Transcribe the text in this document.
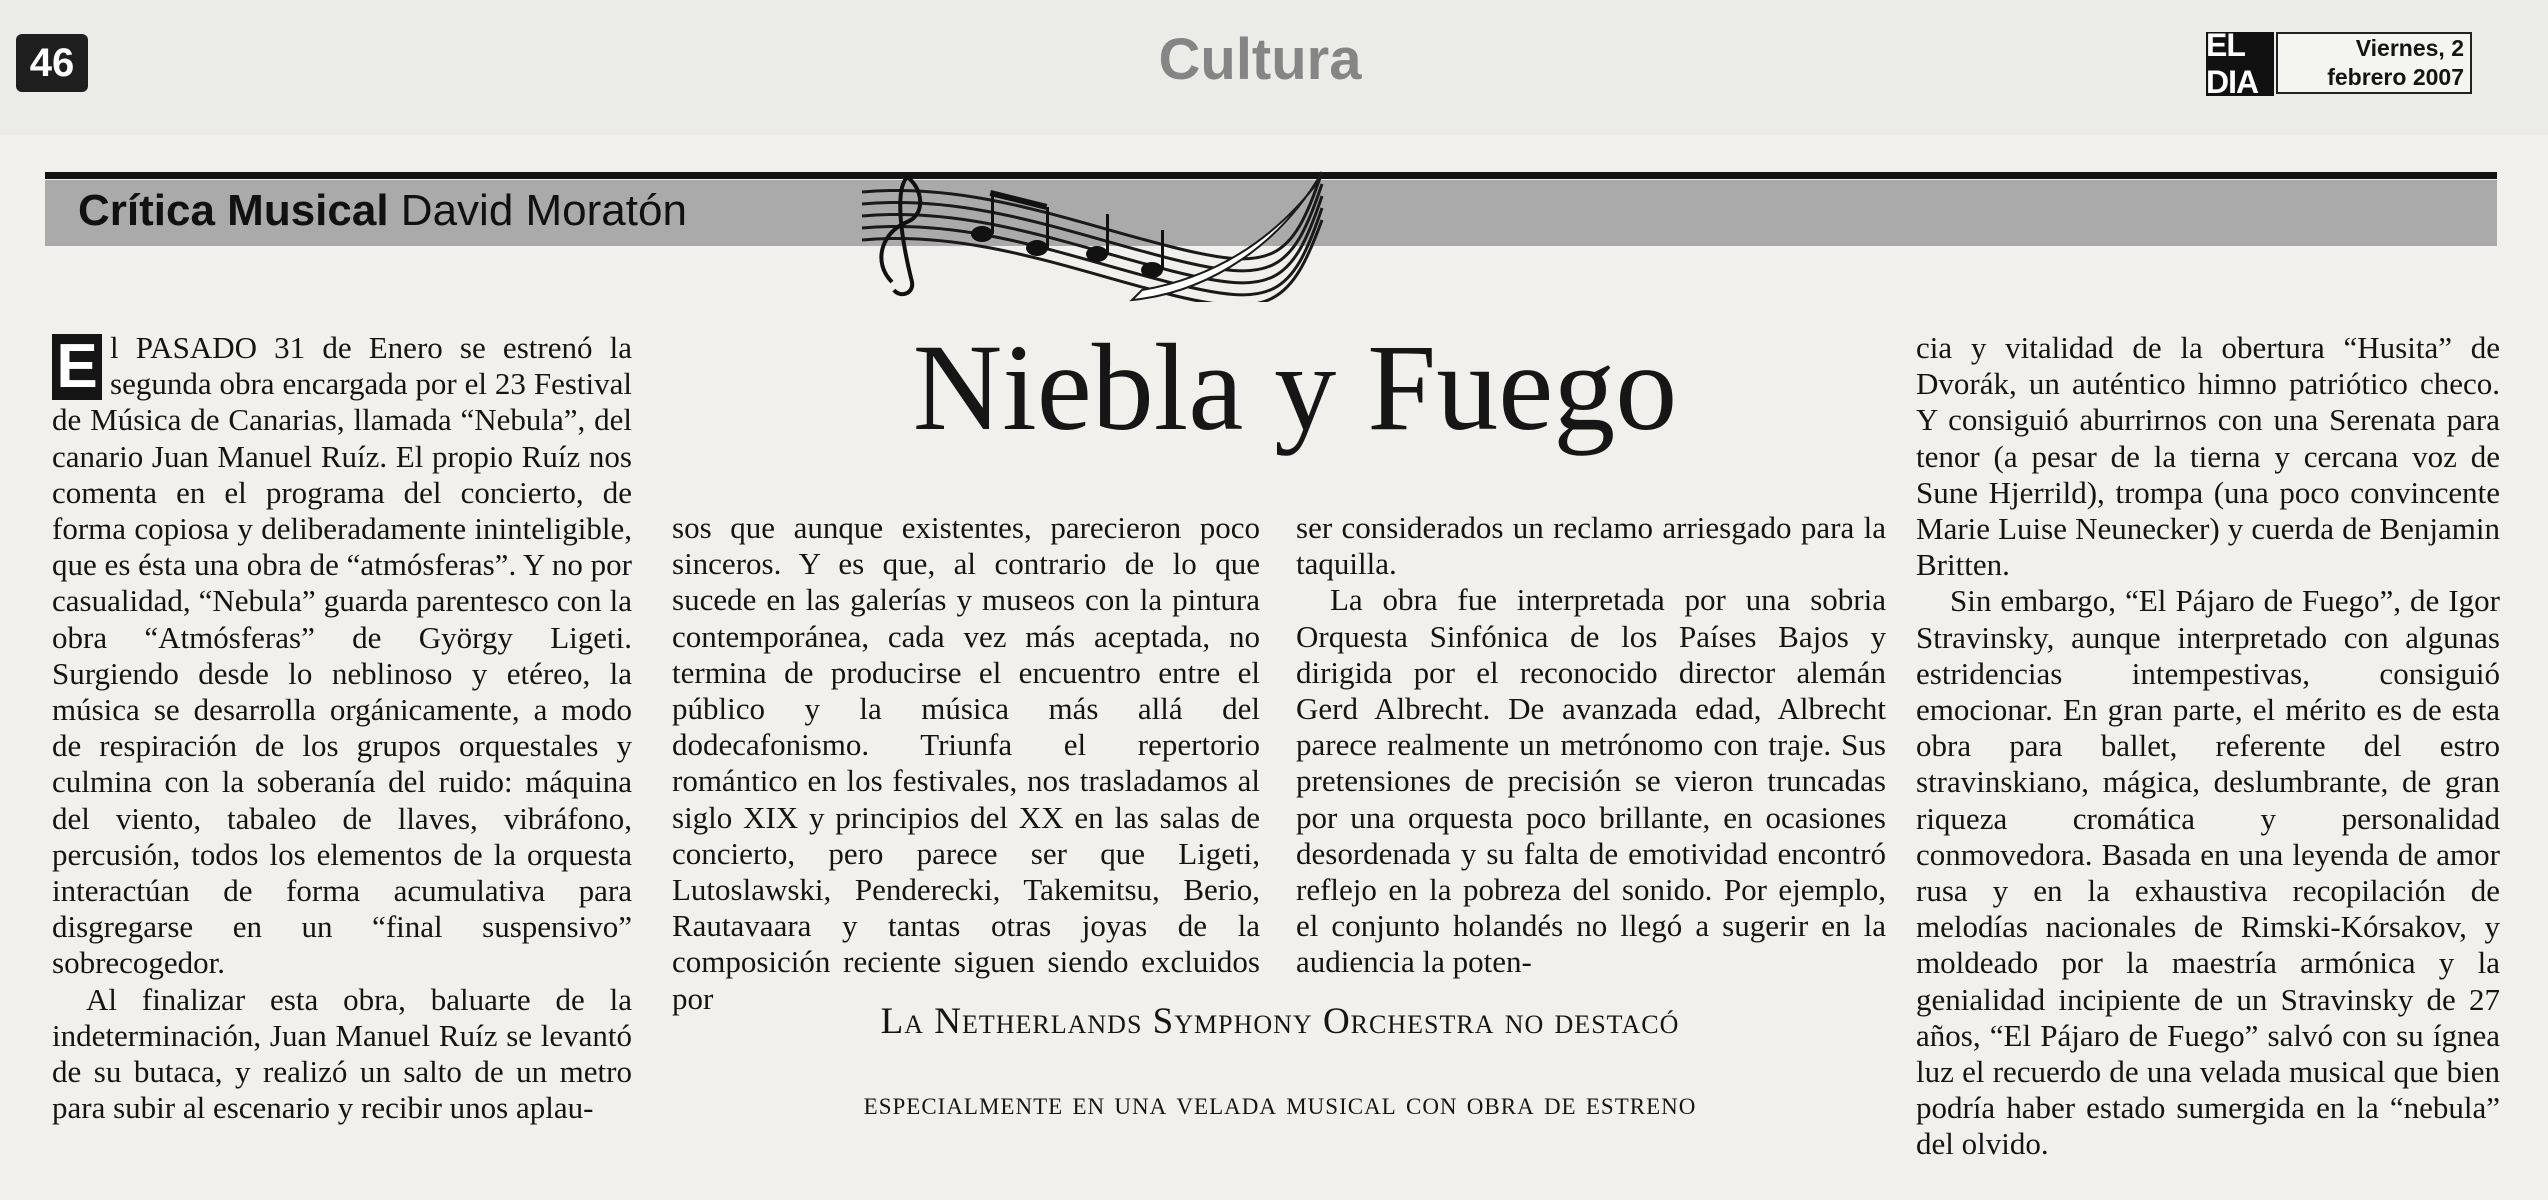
46	Cultura	EL DIA
Viernes, 2
febrero 2007
Crítica Musical David Moratón
Niebla y Fuego

E l PASADO 31 de Enero se estrenó la segunda obra encargada por el 23 Festival de Música de Canarias, llamada “Nebula”, del canario Juan Manuel Ruíz. El propio Ruíz nos comenta en el programa del concierto, de forma copiosa y deliberadamente ininteligible, que es ésta una obra de “atmósferas”. Y no por casualidad, “Nebula” guarda parentesco con la obra “Atmósferas” de György Ligeti. Surgiendo desde lo neblinoso y etéreo, la música se desarrolla orgánicamente, a modo de respiración de los grupos orquestales y culmina con la soberanía del ruido: máquina del viento, tabaleo de llaves, vibráfono, percusión, todos los elementos de la orquesta interactúan de forma acumulativa para disgregarse en un “final suspensivo” sobrecogedor.

Al finalizar esta obra, baluarte de la indeterminación, Juan Manuel Ruíz se levantó de su butaca, y realizó un salto de un metro para subir al escenario y recibir unos aplau-

sos que aunque existentes, parecieron poco sinceros. Y es que, al contrario de lo que sucede en las galerías y museos con la pintura contemporánea, cada vez más aceptada, no termina de producirse el encuentro entre el público y la música más allá del dodecafonismo. Triunfa el repertorio romántico en los festivales, nos trasladamos al siglo XIX y principios del XX en las salas de concierto, pero parece ser que Ligeti, Lutoslawski, Penderecki, Takemitsu, Berio, Rautavaara y tantas otras joyas de la composición reciente siguen siendo excluidos por

ser considerados un reclamo arriesgado para la taquilla.

La obra fue interpretada por una sobria Orquesta Sinfónica de los Países Bajos y dirigida por el reconocido director alemán Gerd Albrecht. De avanzada edad, Albrecht parece realmente un metrónomo con traje. Sus pretensiones de precisión se vieron truncadas por una orquesta poco brillante, en ocasiones desordenada y su falta de emotividad encontró reflejo en la pobreza del sonido. Por ejemplo, el conjunto holandés no llegó a sugerir en la audiencia la poten-

cia y vitalidad de la obertura “Husita” de Dvorák, un auténtico himno patriótico checo. Y consiguió aburrirnos con una Serenata para tenor (a pesar de la tierna y cercana voz de Sune Hjerrild), trompa (una poco convincente Marie Luise Neunecker) y cuerda de Benjamin Britten.

Sin embargo, “El Pájaro de Fuego”, de Igor Stravinsky, aunque interpretado con algunas estridencias intempestivas, consiguió emocionar. En gran parte, el mérito es de esta obra para ballet, referente del estro stravinskiano, mágica, deslumbrante, de gran riqueza cromática y personalidad conmovedora. Basada en una leyenda de amor rusa y en la exhaustiva recopilación de melodías nacionales de Rimski-Kórsakov, y moldeado por la maestría armónica y la genialidad incipiente de un Stravinsky de 27 años, “El Pájaro de Fuego” salvó con su ígnea luz el recuerdo de una velada musical que bien podría haber estado sumergida en la “nebula” del olvido.

La Netherlands Symphony Orchestra no destacó
especialmente en una velada musical con obra de estreno
